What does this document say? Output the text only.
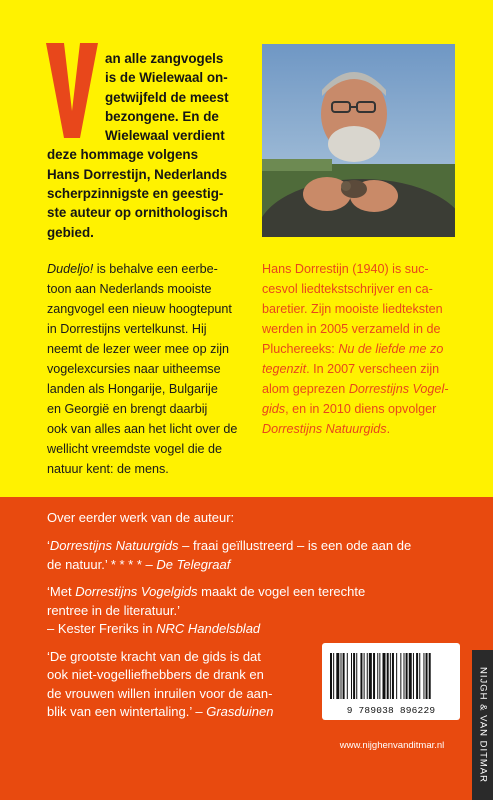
an alle zangvogels
is de Wielewaal on-
getwijfeld de meest
bezongene. En de
Wielewaal verdient
deze hommage volgens
Hans Dorrestijn, Nederlands
scherpzinnigste en geestig-
ste auteur op ornithologisch
gebied.
Dudeljo! is behalve een eerbe-
toon aan Nederlands mooiste
zangvogel een nieuw hoogtepunt
in Dorrestijns vertelkunst. Hij
neemt de lezer weer mee op zijn
vogelexcursies naar uitheemse
landen als Hongarije, Bulgarije
en Georgië en brengt daarbij
ook van alles aan het licht over de
wellicht vreemdste vogel die de
natuur kent: de mens.
Hans Dorrestijn (1940) is suc-
cesvol liedtekstschrijver en ca-
baretier. Zijn mooiste liedteksten
werden in 2005 verzameld in de
Pluchereeks: Nu de liefde me zo
tegenzit. In 2007 verscheen zijn
alom geprezen Dorrestijns Vogel-
gids, en in 2010 diens opvolger
Dorrestijns Natuurgids.
Over eerder werk van de auteur:

‘Dorrestijns Natuurgids – fraai geïllustreerd – is een ode aan de
de natuur.’ * * * * – De Telegraaf

‘Met Dorrestijns Vogelgids maakt de vogel een terechte
rentree in de literatuur.’
– Kester Freriks in NRC Handelsblad

‘De grootste kracht van de gids is dat
ook niet-vogelliefhebbers de drank en
de vrouwen willen inruilen voor de aan-
blik van een wintertaling.’ – Grasduinen	9 789038 896229
www.nijghenvanditmar.nl	NIJGH & VAN DITMAR
